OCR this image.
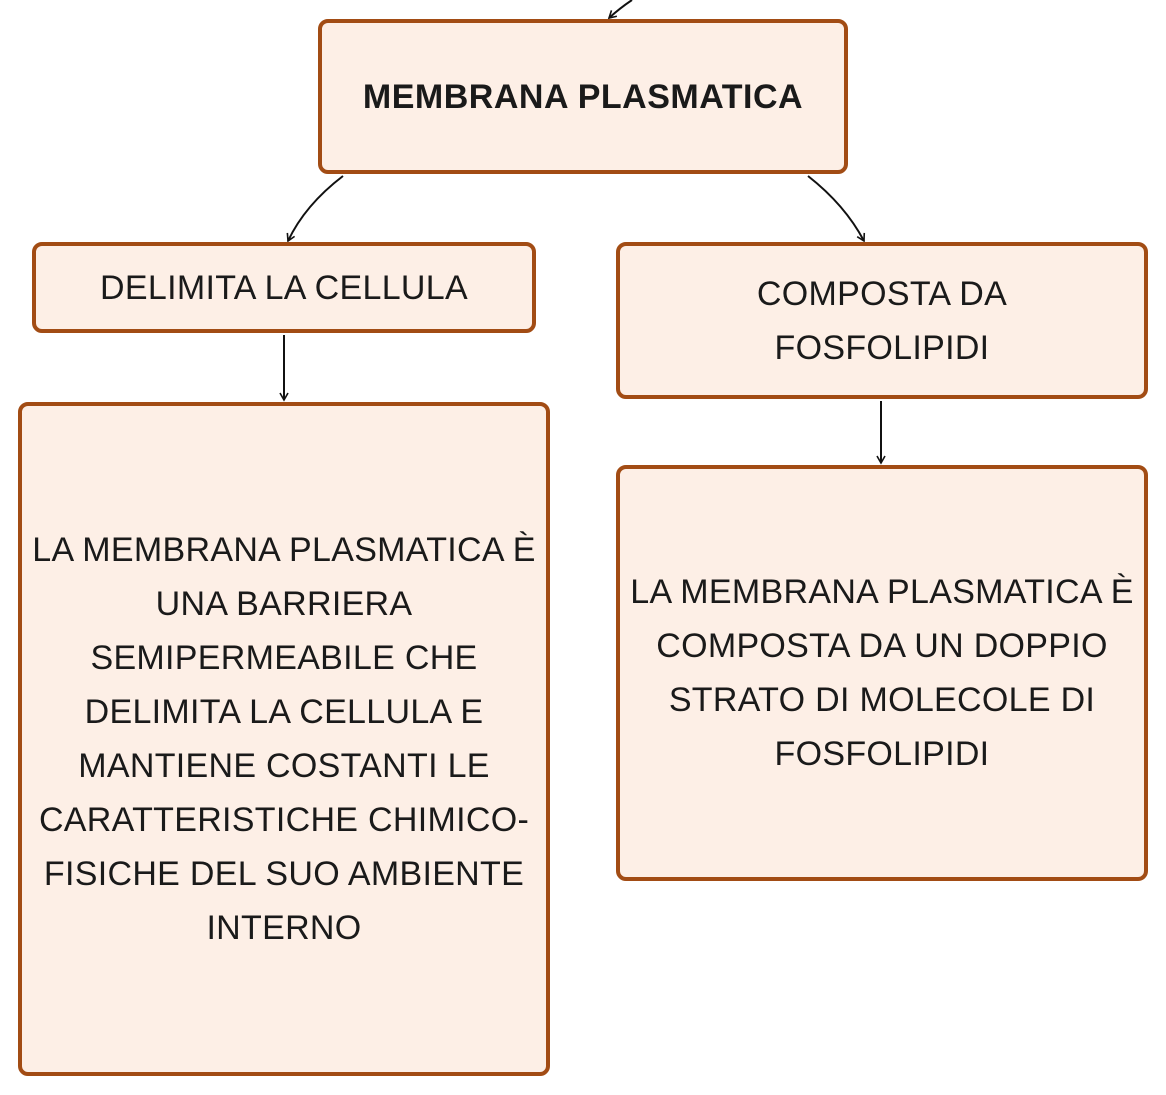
MEMBRANA PLASMATICA
DELIMITA LA CELLULA	COMPOSTA DA FOSFOLIPIDI
LA MEMBRANA PLASMATICA È UNA BARRIERA SEMIPERMEABILE CHE DELIMITA LA CELLULA E MANTIENE COSTANTI LE CARATTERISTICHE CHIMICO-FISICHE DEL SUO AMBIENTE INTERNO
LA MEMBRANA PLASMATICA È COMPOSTA DA UN DOPPIO STRATO DI MOLECOLE DI FOSFOLIPIDI
